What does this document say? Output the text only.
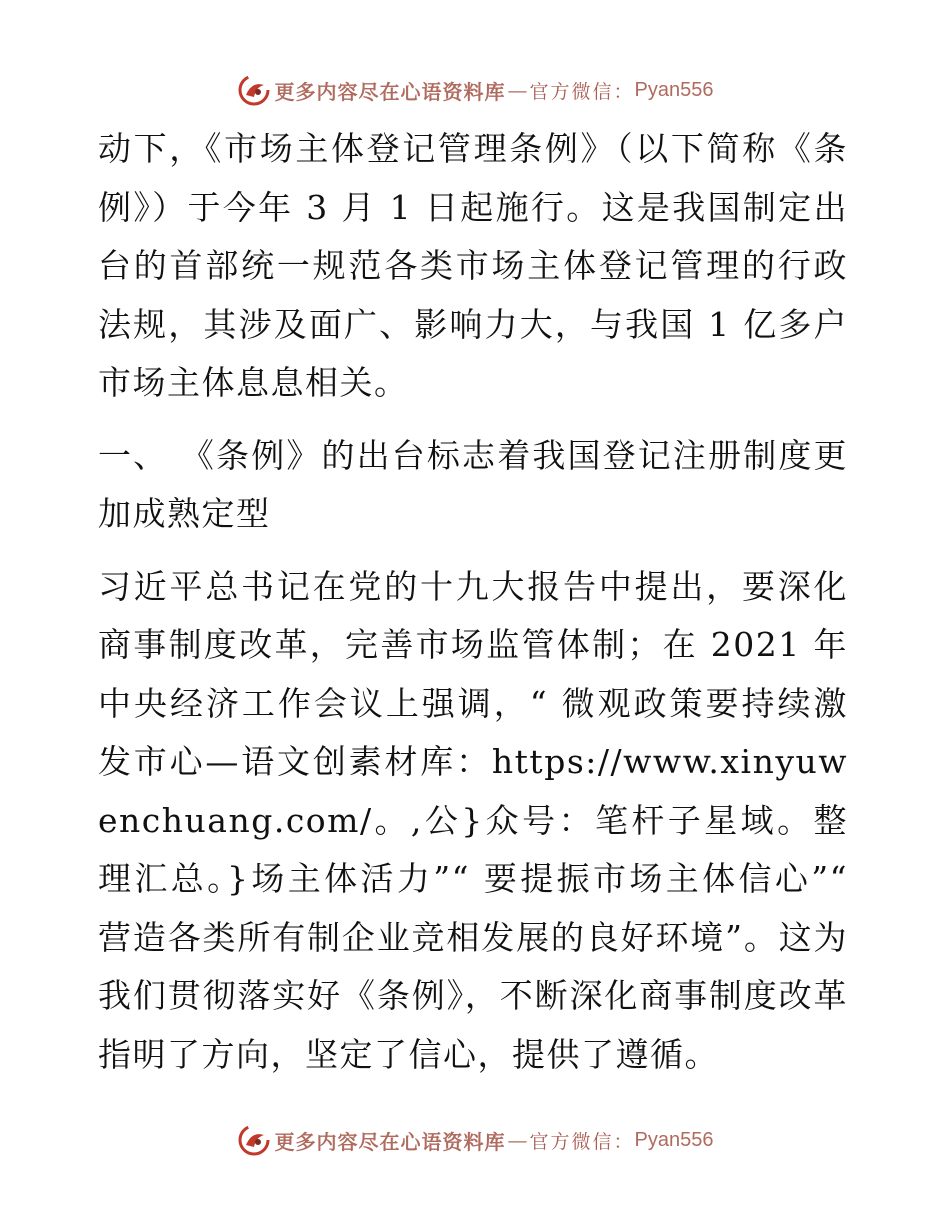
更多内容尽在心语资料库 — 官方微信： Pyan556

动下，《市场主体登记管理条例》（以下简称《条例》）于今年 3 月 1 日起施行。这是我国制定出台的首部统一规范各类市场主体登记管理的行政法规，其涉及面广、影响力大，与我国 1 亿多户市场主体息息相关。

一、 《条例》的出台标志着我国登记注册制度更加成熟定型

习近平总书记在党的十九大报告中提出，要深化商事制度改革，完善市场监管体制；在 2021 年中央经济工作会议上强调，“ 微观政策要持续激发市心—语文创素材库：https://www.xinyuwenchuang.com/。,公}众号：笔杆子星域。整理汇总。}场主体活力”“ 要提振市场主体信心”“ 营造各类所有制企业竞相发展的良好环境”。这为我们贯彻落实好《条例》，不断深化商事制度改革指明了方向，坚定了信心，提供了遵循。

更多内容尽在心语资料库 — 官方微信： Pyan556
